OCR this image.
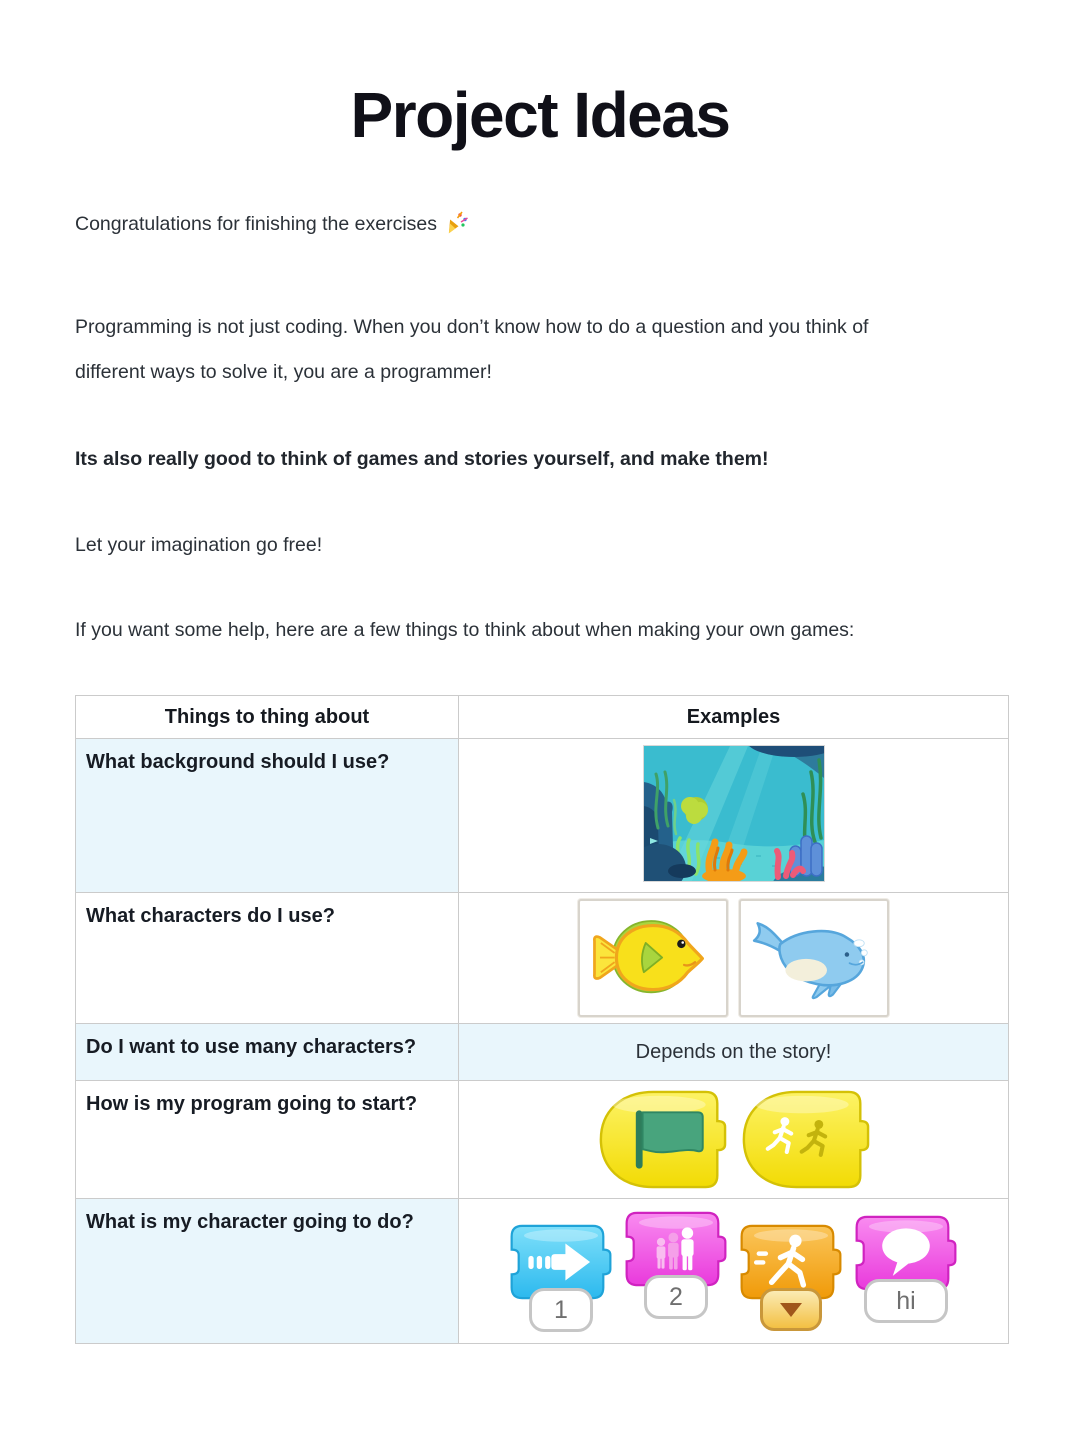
Project Ideas

Congratulations for finishing the exercises

Programming is not just coding. When you don’t know how to do a question and you think of different ways to solve it, you are a programmer!

Its also really good to think of games and stories yourself, and make them!

Let your imagination go free!

If you want some help, here are a few things to think about when making your own games:

Things to thing about	Examples
What background should I use?	
What characters do I use?	

Do I want to use many characters?	Depends on the story!
How is my program going to start?	

What is my character going to do?	1 2 hi
